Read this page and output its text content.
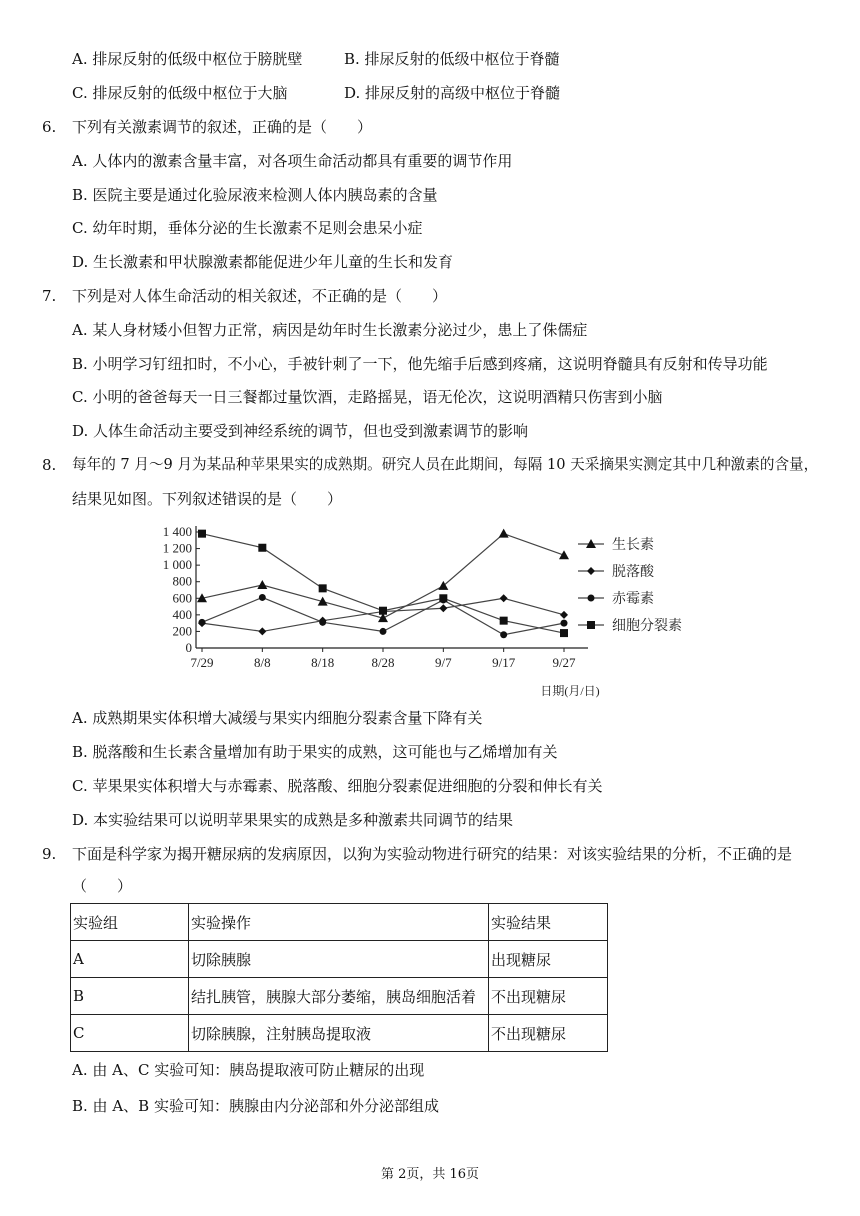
A. 排尿反射的低级中枢位于膀胱壁	B. 排尿反射的低级中枢位于脊髓
C. 排尿反射的低级中枢位于大脑	D. 排尿反射的高级中枢位于脊髓
6. 下列有关激素调节的叙述，正确的是（　　）
A. 人体内的激素含量丰富，对各项生命活动都具有重要的调节作用
B. 医院主要是通过化验尿液来检测人体内胰岛素的含量
C. 幼年时期，垂体分泌的生长激素不足则会患呆小症
D. 生长激素和甲状腺激素都能促进少年儿童的生长和发育
7. 下列是对人体生命活动的相关叙述，不正确的是（　　）
A. 某人身材矮小但智力正常，病因是幼年时生长激素分泌过少，患上了侏儒症
B. 小明学习钉纽扣时，不小心，手被针刺了一下，他先缩手后感到疼痛，这说明脊髓具有反射和传导功能
C. 小明的爸爸每天一日三餐都过量饮酒，走路摇晃，语无伦次，这说明酒精只伤害到小脑
D. 人体生命活动主要受到神经系统的调节，但也受到激素调节的影响
8. 每年的 7 月～9 月为某品种苹果果实的成熟期。研究人员在此期间，每隔 10 天采摘果实测定其中几种激素的含量，
结果见如图。下列叙述错误的是（　　）
0
200
400
600
800
1 000
1 200
1 400
7/29	8/8	8/18	8/28	9/7	9/17	9/27
日期(月/日)
生长素
脱落酸
赤霉素
细胞分裂素
A. 成熟期果实体积增大减缓与果实内细胞分裂素含量下降有关
B. 脱落酸和生长素含量增加有助于果实的成熟，这可能也与乙烯增加有关
C. 苹果果实体积增大与赤霉素、脱落酸、细胞分裂素促进细胞的分裂和伸长有关
D. 本实验结果可以说明苹果果实的成熟是多种激素共同调节的结果
9. 下面是科学家为揭开糖尿病的发病原因，以狗为实验动物进行研究的结果：对该实验结果的分析，不正确的是
（　　）
实验组	实验操作	实验结果
A	切除胰腺	出现糖尿
B	结扎胰管，胰腺大部分萎缩，胰岛细胞活着	不出现糖尿
C	切除胰腺，注射胰岛提取液	不出现糖尿
A. 由 A、C 实验可知：胰岛提取液可防止糖尿的出现
B. 由 A、B 实验可知：胰腺由内分泌部和外分泌部组成
第 2页，共 16页
